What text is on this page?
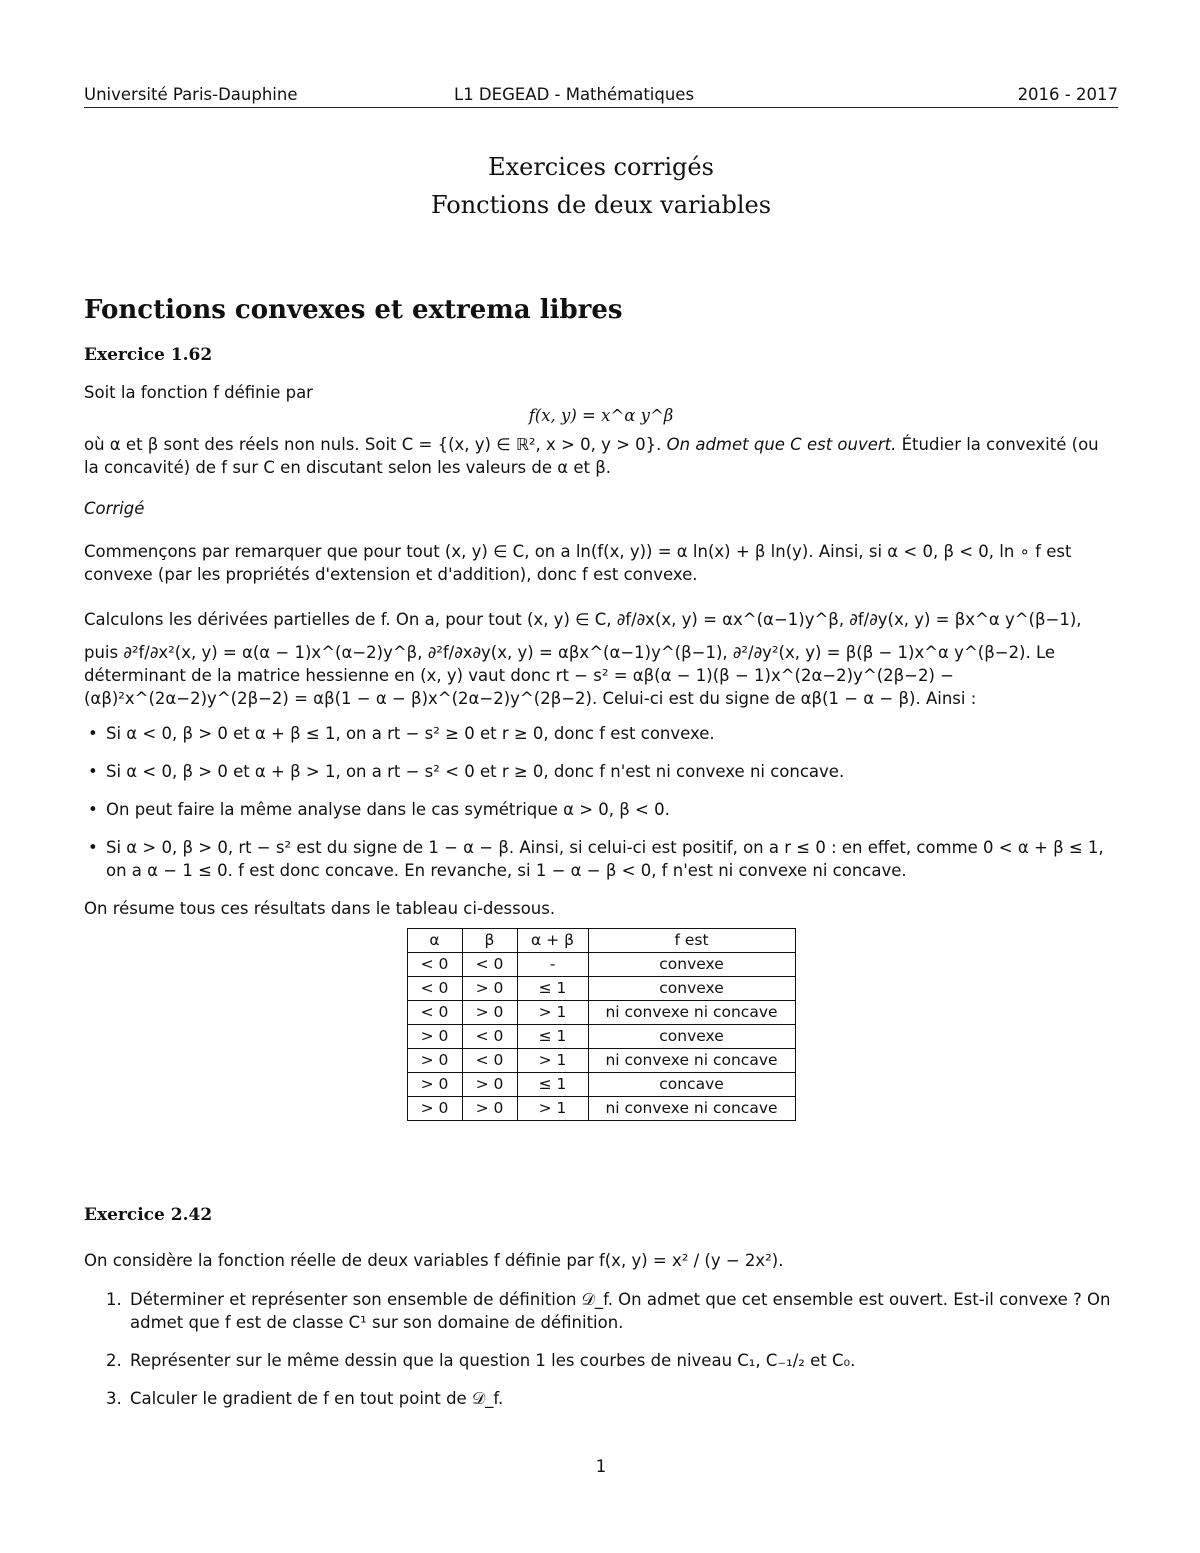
Université Paris-Dauphine	L1 DEGEAD - Mathématiques	2016 - 2017
Exercices corrigés
Fonctions de deux variables
Fonctions convexes et extrema libres

Exercice 1.62

Soit la fonction f définie par

f(x, y) = x^α y^β

où α et β sont des réels non nuls. Soit C = {(x, y) ∈ ℝ², x > 0, y > 0}. On admet que C est ouvert. Étudier la convexité (ou la concavité) de f sur C en discutant selon les valeurs de α et β.

Corrigé

Commençons par remarquer que pour tout (x, y) ∈ C, on a ln(f(x, y)) = α ln(x) + β ln(y). Ainsi, si α < 0, β < 0, ln ∘ f est convexe (par les propriétés d'extension et d'addition), donc f est convexe.

Calculons les dérivées partielles de f. On a, pour tout (x, y) ∈ C, ∂f/∂x(x, y) = αx^(α−1)y^β, ∂f/∂y(x, y) = βx^α y^(β−1),

puis ∂²f/∂x²(x, y) = α(α − 1)x^(α−2)y^β, ∂²f/∂x∂y(x, y) = αβx^(α−1)y^(β−1), ∂²/∂y²(x, y) = β(β − 1)x^α y^(β−2). Le déterminant de la matrice hessienne en (x, y) vaut donc rt − s² = αβ(α − 1)(β − 1)x^(2α−2)y^(2β−2) − (αβ)²x^(2α−2)y^(2β−2) = αβ(1 − α − β)x^(2α−2)y^(2β−2). Celui-ci est du signe de αβ(1 − α − β). Ainsi :

• Si α < 0, β > 0 et α + β ≤ 1, on a rt − s² ≥ 0 et r ≥ 0, donc f est convexe.
• Si α < 0, β > 0 et α + β > 1, on a rt − s² < 0 et r ≥ 0, donc f n'est ni convexe ni concave.
• On peut faire la même analyse dans le cas symétrique α > 0, β < 0.
• Si α > 0, β > 0, rt − s² est du signe de 1 − α − β. Ainsi, si celui-ci est positif, on a r ≤ 0 : en effet, comme 0 < α + β ≤ 1, on a α − 1 ≤ 0. f est donc concave. En revanche, si 1 − α − β < 0, f n'est ni convexe ni concave.

On résume tous ces résultats dans le tableau ci-dessous.

α	β	α + β	f est
< 0	< 0	-	convexe
< 0	> 0	≤ 1	convexe
< 0	> 0	> 1	ni convexe ni concave
> 0	< 0	≤ 1	convexe
> 0	< 0	> 1	ni convexe ni concave
> 0	> 0	≤ 1	concave
> 0	> 0	> 1	ni convexe ni concave

Exercice 2.42

On considère la fonction réelle de deux variables f définie par f(x, y) = x² / (y − 2x²).

1. Déterminer et représenter son ensemble de définition 𝒟_f. On admet que cet ensemble est ouvert. Est-il convexe ? On admet que f est de classe C¹ sur son domaine de définition.
2. Représenter sur le même dessin que la question 1 les courbes de niveau C₁, C₋₁/₂ et C₀.
3. Calculer le gradient de f en tout point de 𝒟_f.
1
